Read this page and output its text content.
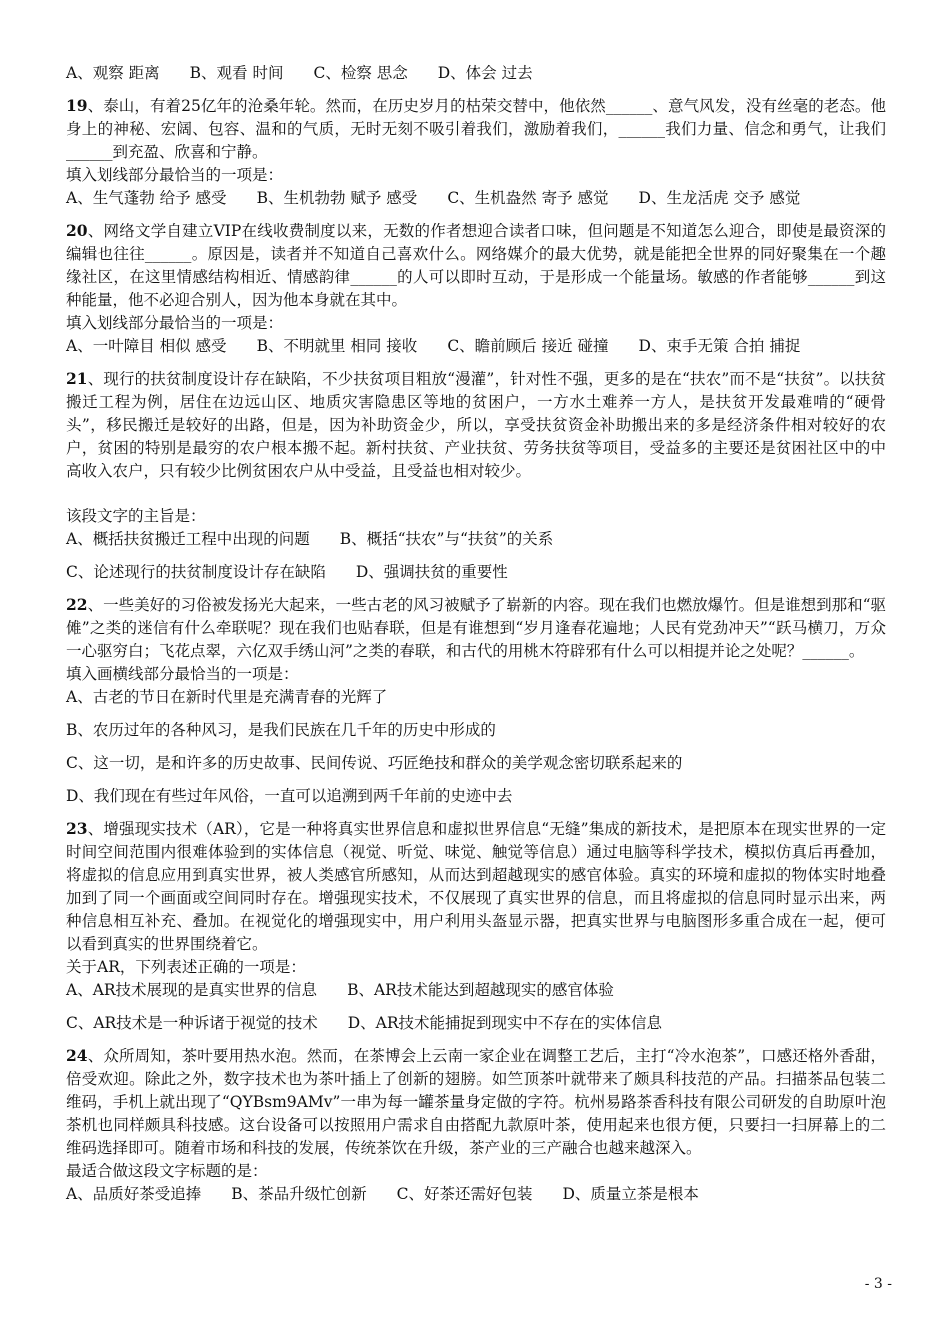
A、观察 距离 B、观看 时间 C、检察 思念 D、体会 过去

19、泰山，有着25亿年的沧桑年轮。然而，在历史岁月的枯荣交替中，他依然______、意气风发，没有丝毫的老态。他身上的神秘、宏阔、包容、温和的气质，无时无刻不吸引着我们，激励着我们，______我们力量、信念和勇气，让我们______到充盈、欣喜和宁静。

填入划线部分最恰当的一项是：

A、生气蓬勃 给予 感受 B、生机勃勃 赋予 感受 C、生机盎然 寄予 感觉 D、生龙活虎 交予 感觉

20、网络文学自建立VIP在线收费制度以来，无数的作者想迎合读者口味，但问题是不知道怎么迎合，即使是最资深的编辑也往往______。原因是，读者并不知道自己喜欢什么。网络媒介的最大优势，就是能把全世界的同好聚集在一个趣缘社区，在这里情感结构相近、情感韵律______的人可以即时互动，于是形成一个能量场。敏感的作者能够______到这种能量，他不必迎合别人，因为他本身就在其中。

填入划线部分最恰当的一项是：

A、一叶障目 相似 感受 B、不明就里 相同 接收 C、瞻前顾后 接近 碰撞 D、束手无策 合拍 捕捉

21、现行的扶贫制度设计存在缺陷，不少扶贫项目粗放“漫灌”，针对性不强，更多的是在“扶农”而不是“扶贫”。以扶贫搬迁工程为例，居住在边远山区、地质灾害隐患区等地的贫困户，一方水土难养一方人，是扶贫开发最难啃的“硬骨头”，移民搬迁是较好的出路，但是，因为补助资金少，所以，享受扶贫资金补助搬出来的多是经济条件相对较好的农户，贫困的特别是最穷的农户根本搬不起。新村扶贫、产业扶贫、劳务扶贫等项目，受益多的主要还是贫困社区中的中高收入农户，只有较少比例贫困农户从中受益，且受益也相对较少。

该段文字的主旨是：

A、概括扶贫搬迁工程中出现的问题 B、概括“扶农”与“扶贫”的关系

C、论述现行的扶贫制度设计存在缺陷 D、强调扶贫的重要性

22、一些美好的习俗被发扬光大起来，一些古老的风习被赋予了崭新的内容。现在我们也燃放爆竹。但是谁想到那和“驱傩”之类的迷信有什么牵联呢？现在我们也贴春联，但是有谁想到“岁月逢春花遍地；人民有党劲冲天”“跃马横刀，万众一心驱穷白；飞花点翠，六亿双手绣山河”之类的春联，和古代的用桃木符辟邪有什么可以相提并论之处呢？______。

填入画横线部分最恰当的一项是：

A、古老的节日在新时代里是充满青春的光辉了

B、农历过年的各种风习，是我们民族在几千年的历史中形成的

C、这一切，是和许多的历史故事、民间传说、巧匠绝技和群众的美学观念密切联系起来的

D、我们现在有些过年风俗，一直可以追溯到两千年前的史迹中去

23、增强现实技术（AR），它是一种将真实世界信息和虚拟世界信息“无缝”集成的新技术，是把原本在现实世界的一定时间空间范围内很难体验到的实体信息（视觉、听觉、味觉、触觉等信息）通过电脑等科学技术，模拟仿真后再叠加，将虚拟的信息应用到真实世界，被人类感官所感知，从而达到超越现实的感官体验。真实的环境和虚拟的物体实时地叠加到了同一个画面或空间同时存在。增强现实技术，不仅展现了真实世界的信息，而且将虚拟的信息同时显示出来，两种信息相互补充、叠加。在视觉化的增强现实中，用户利用头盔显示器，把真实世界与电脑图形多重合成在一起，便可以看到真实的世界围绕着它。

关于AR，下列表述正确的一项是：

A、AR技术展现的是真实世界的信息 B、AR技术能达到超越现实的感官体验

C、AR技术是一种诉诸于视觉的技术 D、AR技术能捕捉到现实中不存在的实体信息

24、众所周知，茶叶要用热水泡。然而，在茶博会上云南一家企业在调整工艺后，主打“冷水泡茶”，口感还格外香甜，倍受欢迎。除此之外，数字技术也为茶叶插上了创新的翅膀。如竺顶茶叶就带来了颇具科技范的产品。扫描茶品包装二维码，手机上就出现了“QYBsm9AMv”一串为每一罐茶量身定做的字符。杭州易路茶香科技有限公司研发的自助原叶泡茶机也同样颇具科技感。这台设备可以按照用户需求自由搭配九款原叶茶，使用起来也很方便，只要扫一扫屏幕上的二维码选择即可。随着市场和科技的发展，传统茶饮在升级，茶产业的三产融合也越来越深入。

最适合做这段文字标题的是：

A、品质好茶受追捧 B、茶品升级忙创新 C、好茶还需好包装 D、质量立茶是根本

- 3 -
